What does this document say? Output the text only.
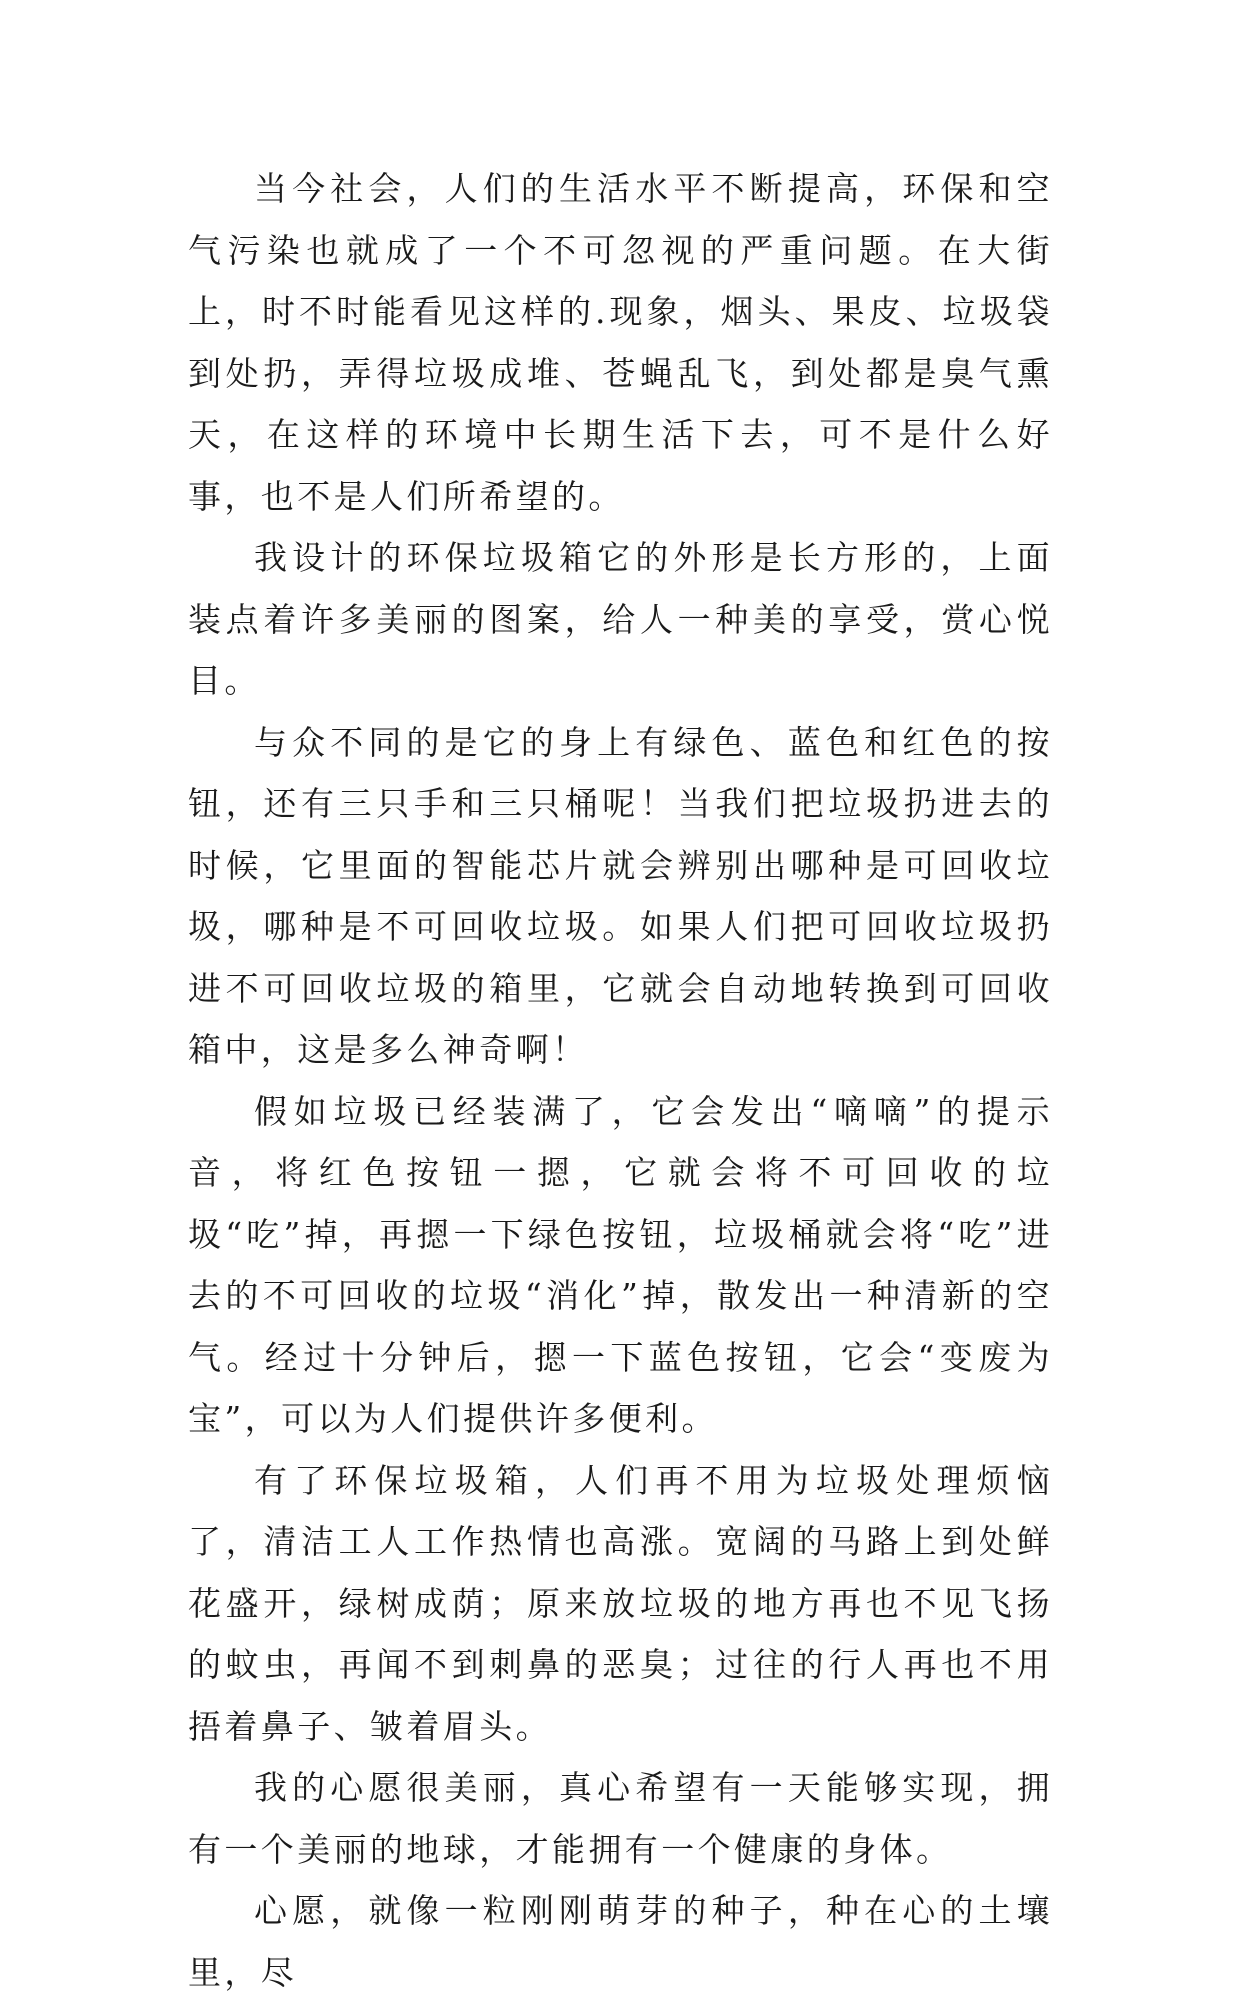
当今社会，人们的生活水平不断提高，环保和空气污染也就成了一个不可忽视的严重问题。在大街上，时不时能看见这样的.现象，烟头、果皮、垃圾袋到处扔，弄得垃圾成堆、苍蝇乱飞，到处都是臭气熏天，在这样的环境中长期生活下去，可不是什么好事，也不是人们所希望的。

我设计的环保垃圾箱它的外形是长方形的，上面装点着许多美丽的图案，给人一种美的享受，赏心悦目。

与众不同的是它的身上有绿色、蓝色和红色的按钮，还有三只手和三只桶呢！当我们把垃圾扔进去的时候，它里面的智能芯片就会辨别出哪种是可回收垃圾，哪种是不可回收垃圾。如果人们把可回收垃圾扔进不可回收垃圾的箱里，它就会自动地转换到可回收箱中，这是多么神奇啊！

假如垃圾已经装满了，它会发出“嘀嘀”的提示音，将红色按钮一摁，它就会将不可回收的垃圾“吃”掉，再摁一下绿色按钮，垃圾桶就会将“吃”进去的不可回收的垃圾“消化”掉，散发出一种清新的空气。经过十分钟后，摁一下蓝色按钮，它会“变废为宝”，可以为人们提供许多便利。

有了环保垃圾箱，人们再不用为垃圾处理烦恼了，清洁工人工作热情也高涨。宽阔的马路上到处鲜花盛开，绿树成荫；原来放垃圾的地方再也不见飞扬的蚊虫，再闻不到刺鼻的恶臭；过往的行人再也不用捂着鼻子、皱着眉头。

我的心愿很美丽，真心希望有一天能够实现，拥有一个美丽的地球，才能拥有一个健康的身体。

心愿，就像一粒刚刚萌芽的种子，种在心的土壤里，尽
